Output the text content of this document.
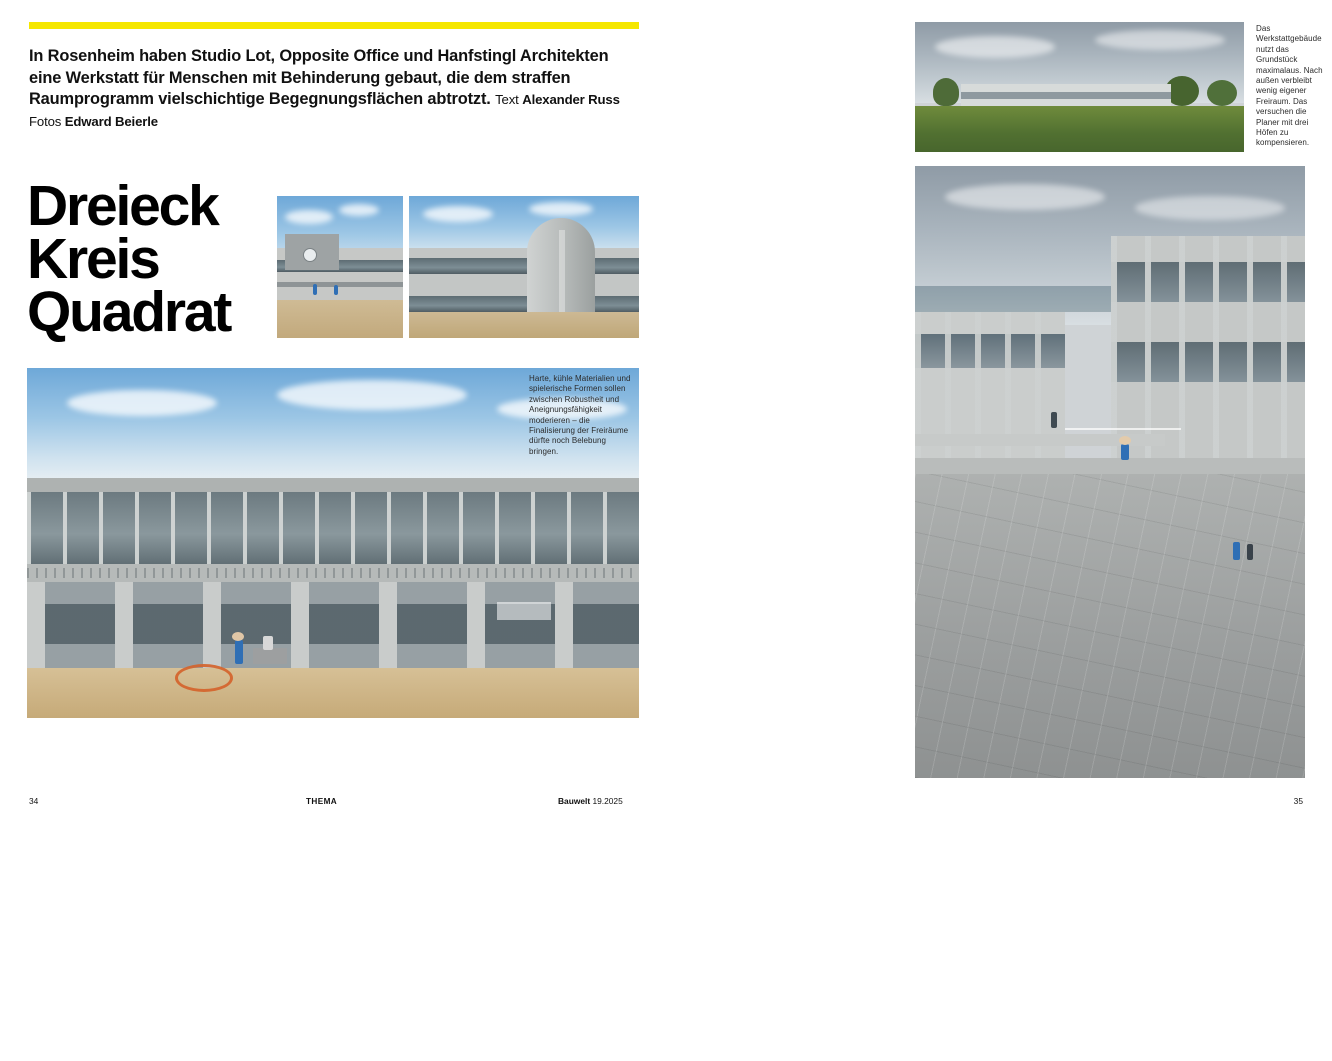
In Rosenheim haben Studio Lot, Opposite Office und Hanfstingl Architekten eine Werkstatt für Menschen mit Behinderung gebaut, die dem straffen Raumprogramm vielschichtige Begegnungsflächen abtrotzt. Text Alexander Russ Fotos Edward Beierle
Dreieck
Kreis
Quadrat
Harte, kühle Materialien und spielerische Formen sollen zwischen Robustheit und Aneignungsfähigkeit moderieren – die Finalisierung der Freiräume dürfte noch Belebung bringen.
34	THEMA	Bauwelt 19.2025

Das Werkstattgebäude nutzt das Grundstück maximalaus. Nach außen verbleibt wenig eigener Freiraum. Das versuchen die Planer mit drei Höfen zu kompensieren.
35
